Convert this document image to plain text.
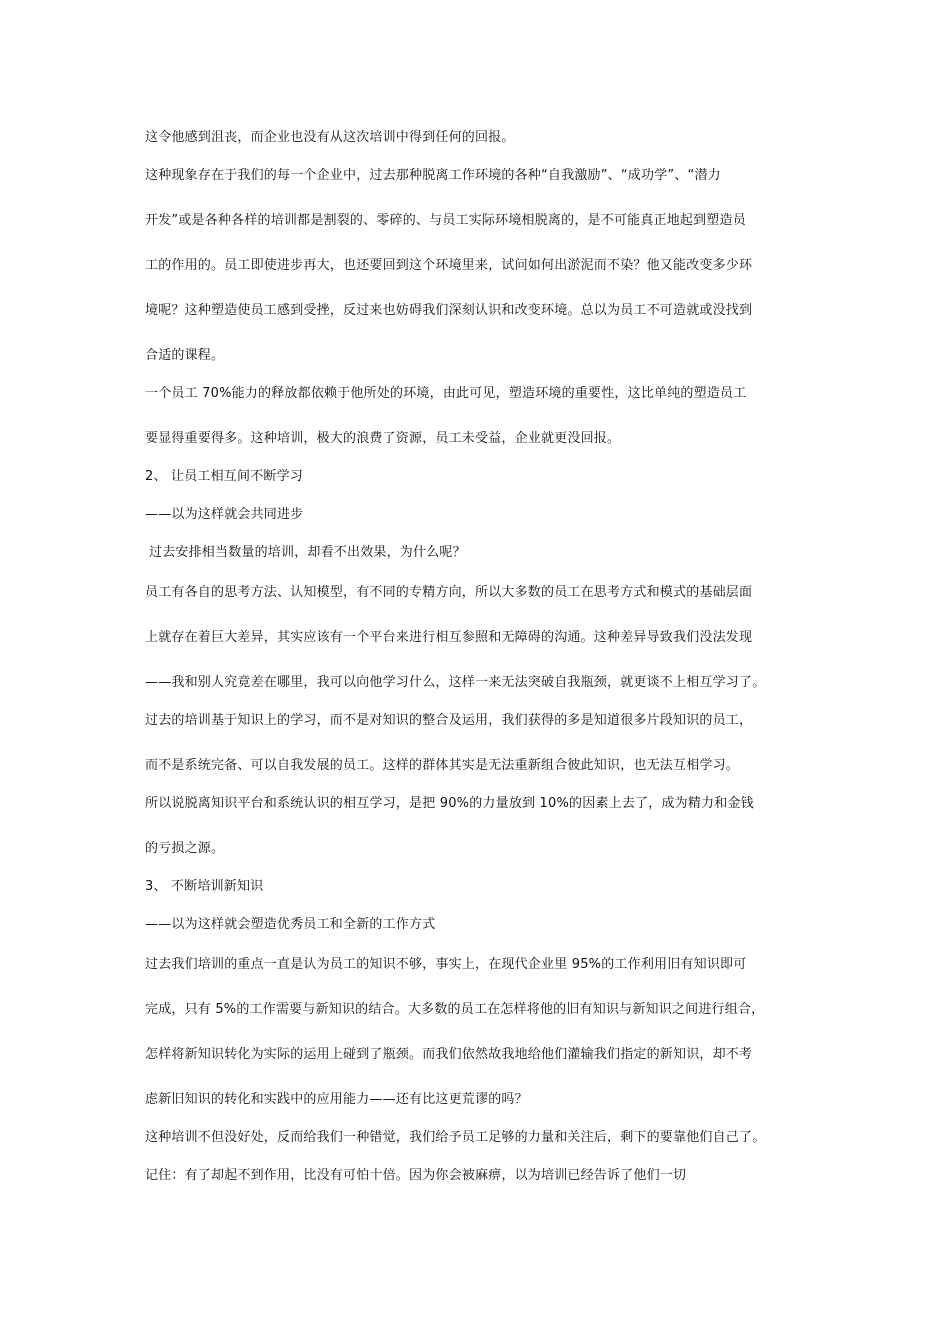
这令他感到沮丧，而企业也没有从这次培训中得到任何的回报。
这种现象存在于我们的每一个企业中，过去那种脱离工作环境的各种“自我激励”、“成功学”、“潜力
开发”或是各种各样的培训都是割裂的、零碎的、与员工实际环境相脱离的，是不可能真正地起到塑造员
工的作用的。员工即使进步再大，也还要回到这个环境里来，试问如何出淤泥而不染？他又能改变多少环
境呢？这种塑造使员工感到受挫，反过来也妨碍我们深刻认识和改变环境。总以为员工不可造就或没找到
合适的课程。
一个员工 70%能力的释放都依赖于他所处的环境，由此可见，塑造环境的重要性，这比单纯的塑造员工
要显得重要得多。这种培训，极大的浪费了资源，员工未受益，企业就更没回报。
2、 让员工相互间不断学习
——以为这样就会共同进步
过去安排相当数量的培训，却看不出效果，为什么呢？
员工有各自的思考方法、认知模型，有不同的专精方向，所以大多数的员工在思考方式和模式的基础层面
上就存在着巨大差异，其实应该有一个平台来进行相互参照和无障碍的沟通。这种差异导致我们没法发现
——我和别人究竟差在哪里，我可以向他学习什么，这样一来无法突破自我瓶颈，就更谈不上相互学习了。
过去的培训基于知识上的学习，而不是对知识的整合及运用，我们获得的多是知道很多片段知识的员工，
而不是系统完备、可以自我发展的员工。这样的群体其实是无法重新组合彼此知识，也无法互相学习。
所以说脱离知识平台和系统认识的相互学习，是把 90%的力量放到 10%的因素上去了，成为精力和金钱
的亏损之源。
3、 不断培训新知识
——以为这样就会塑造优秀员工和全新的工作方式
过去我们培训的重点一直是认为员工的知识不够，事实上，在现代企业里 95%的工作利用旧有知识即可
完成，只有 5%的工作需要与新知识的结合。大多数的员工在怎样将他的旧有知识与新知识之间进行组合，
怎样将新知识转化为实际的运用上碰到了瓶颈。而我们依然故我地给他们灌输我们指定的新知识，却不考
虑新旧知识的转化和实践中的应用能力——还有比这更荒谬的吗？
这种培训不但没好处，反而给我们一种错觉，我们给予员工足够的力量和关注后，剩下的要靠他们自己了。
记住：有了却起不到作用，比没有可怕十倍。因为你会被麻痹，以为培训已经告诉了他们一切
